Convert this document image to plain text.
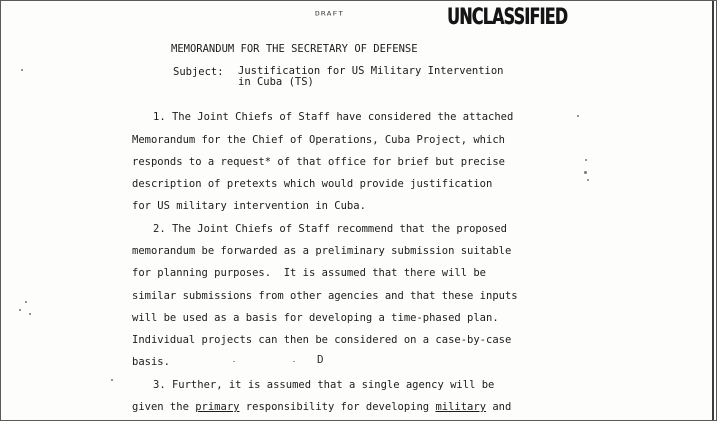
DRAFT	UNCLASSIFIED
MEMORANDUM FOR THE SECRETARY OF DEFENSE
Subject: Justification for US Military Intervention
in Cuba (TS)
1. The Joint Chiefs of Staff have considered the attached
Memorandum for the Chief of Operations, Cuba Project, which
responds to a request* of that office for brief but precise
description of pretexts which would provide justification
for US military intervention in Cuba.
2. The Joint Chiefs of Staff recommend that the proposed
memorandum be forwarded as a preliminary submission suitable
for planning purposes.  It is assumed that there will be
similar submissions from other agencies and that these inputs
will be used as a basis for developing a time-phased plan.
Individual projects can then be considered on a case-by-case
basis.	D
3. Further, it is assumed that a single agency will be
given the primary responsibility for developing military and
